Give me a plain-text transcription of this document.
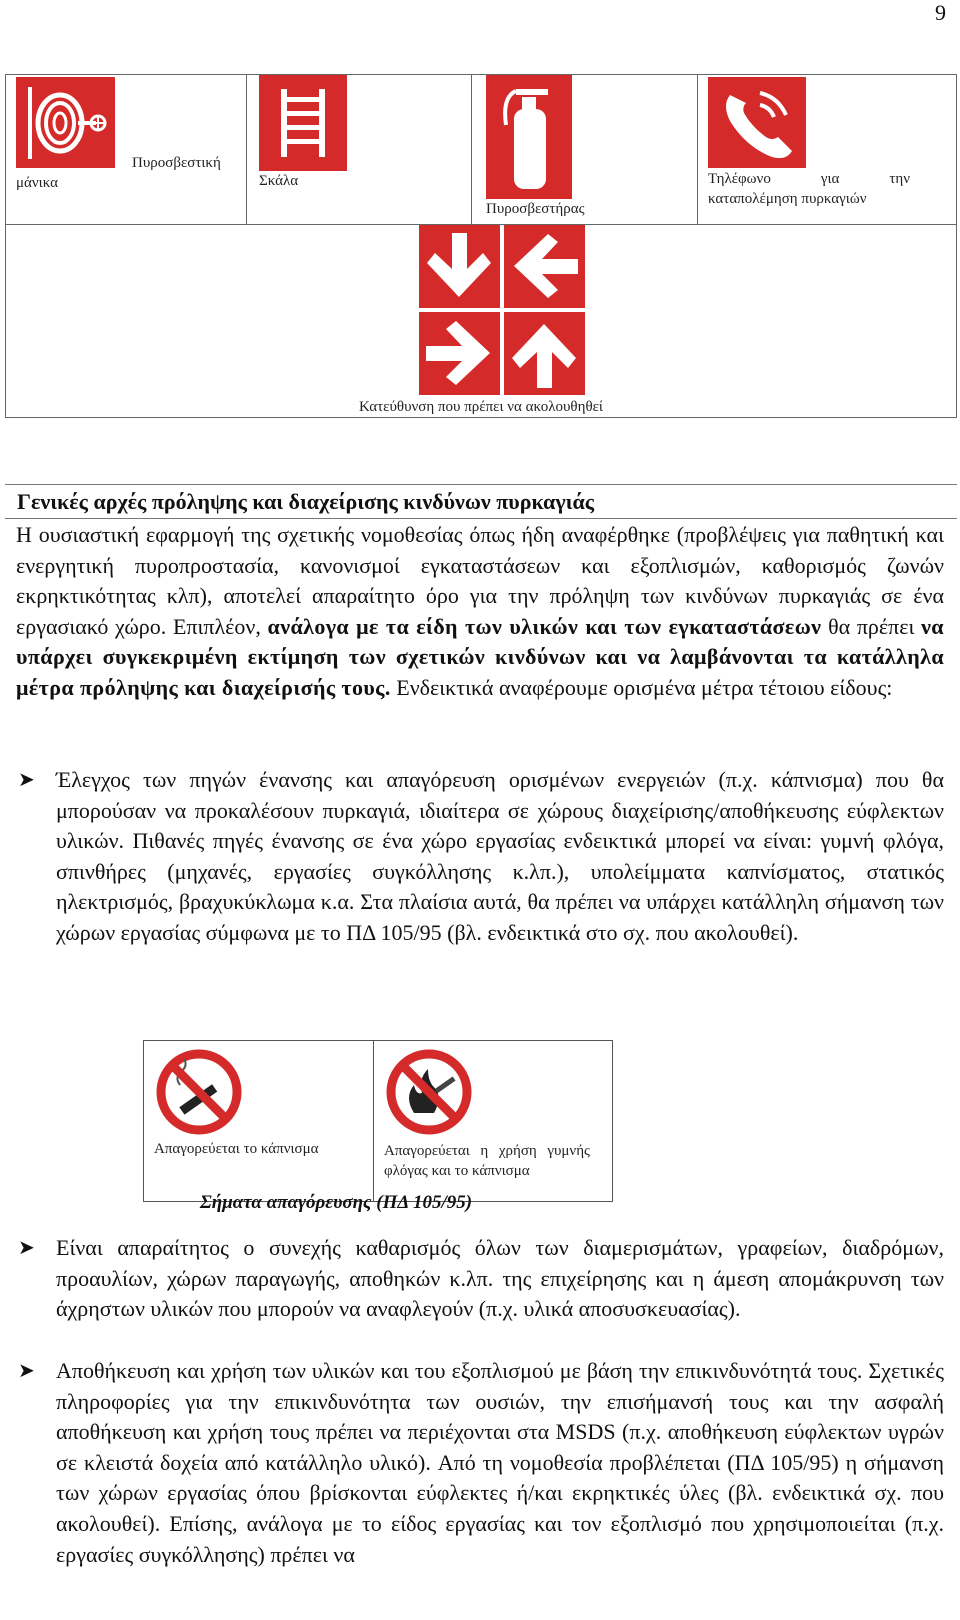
9
Πυροσβεστική
μάνικα	Σκάλα
Πυροσβεστήρας
Τηλέφωνο για την
καταπολέμηση πυρκαγιών
Κατεύθυνση που πρέπει να ακολουθηθεί
Γενικές αρχές πρόληψης και διαχείρισης κινδύνων πυρκαγιάς

Η ουσιαστική εφαρμογή της σχετικής νομοθεσίας όπως ήδη αναφέρθηκε (προβλέψεις για παθητική και ενεργητική πυροπροστασία, κανονισμοί εγκαταστάσεων και εξοπλισμών, καθορισμός ζωνών εκρηκτικότητας κλπ), αποτελεί απαραίτητο όρο για την πρόληψη των κινδύνων πυρκαγιάς σε ένα εργασιακό χώρο. Επιπλέον, ανάλογα με τα είδη των υλικών και των εγκαταστάσεων θα πρέπει να υπάρχει συγκεκριμένη εκτίμηση των σχετικών κινδύνων και να λαμβάνονται τα κατάλληλα μέτρα πρόληψης και διαχείρισής τους. Ενδεικτικά αναφέρουμε ορισμένα μέτρα τέτοιου είδους:

➤ Έλεγχος των πηγών ένανσης και απαγόρευση ορισμένων ενεργειών (π.χ. κάπνισμα) που θα μπορούσαν να προκαλέσουν πυρκαγιά, ιδιαίτερα σε χώρους διαχείρισης/αποθήκευσης εύφλεκτων υλικών. Πιθανές πηγές ένανσης σε ένα χώρο εργασίας ενδεικτικά μπορεί να είναι: γυμνή φλόγα, σπινθήρες (μηχανές, εργασίες συγκόλλησης κ.λπ.), υπολείμματα καπνίσματος, στατικός ηλεκτρισμός, βραχυκύκλωμα κ.α. Στα πλαίσια αυτά, θα πρέπει να υπάρχει κατάλληλη σήμανση των χώρων εργασίας σύμφωνα με το ΠΔ 105/95 (βλ. ενδεικτικά στο σχ. που ακολουθεί).
Απαγορεύεται το κάπνισμα	Απαγορεύεται η χρήση γυμνής φλόγας και το κάπνισμα
Σήματα απαγόρευσης (ΠΔ 105/95)
➤ Είναι απαραίτητος ο συνεχής καθαρισμός όλων των διαμερισμάτων, γραφείων, διαδρόμων, προαυλίων, χώρων παραγωγής, αποθηκών κ.λπ. της επιχείρησης και η άμεση απομάκρυνση των άχρηστων υλικών που μπορούν να αναφλεγούν (π.χ. υλικά αποσυσκευασίας).
➤ Αποθήκευση και χρήση των υλικών και του εξοπλισμού με βάση την επικινδυνότητά τους. Σχετικές πληροφορίες για την επικινδυνότητα των ουσιών, την επισήμανσή τους και την ασφαλή αποθήκευση και χρήση τους πρέπει να περιέχονται στα MSDS (π.χ. αποθήκευση εύφλεκτων υγρών σε κλειστά δοχεία από κατάλληλο υλικό). Από τη νομοθεσία προβλέπεται (ΠΔ 105/95) η σήμανση των χώρων εργασίας όπου βρίσκονται εύφλεκτες ή/και εκρηκτικές ύλες (βλ. ενδεικτικά σχ. που ακολουθεί). Επίσης, ανάλογα με το είδος εργασίας και τον εξοπλισμό που χρησιμοποιείται (π.χ. εργασίες συγκόλλησης) πρέπει να
